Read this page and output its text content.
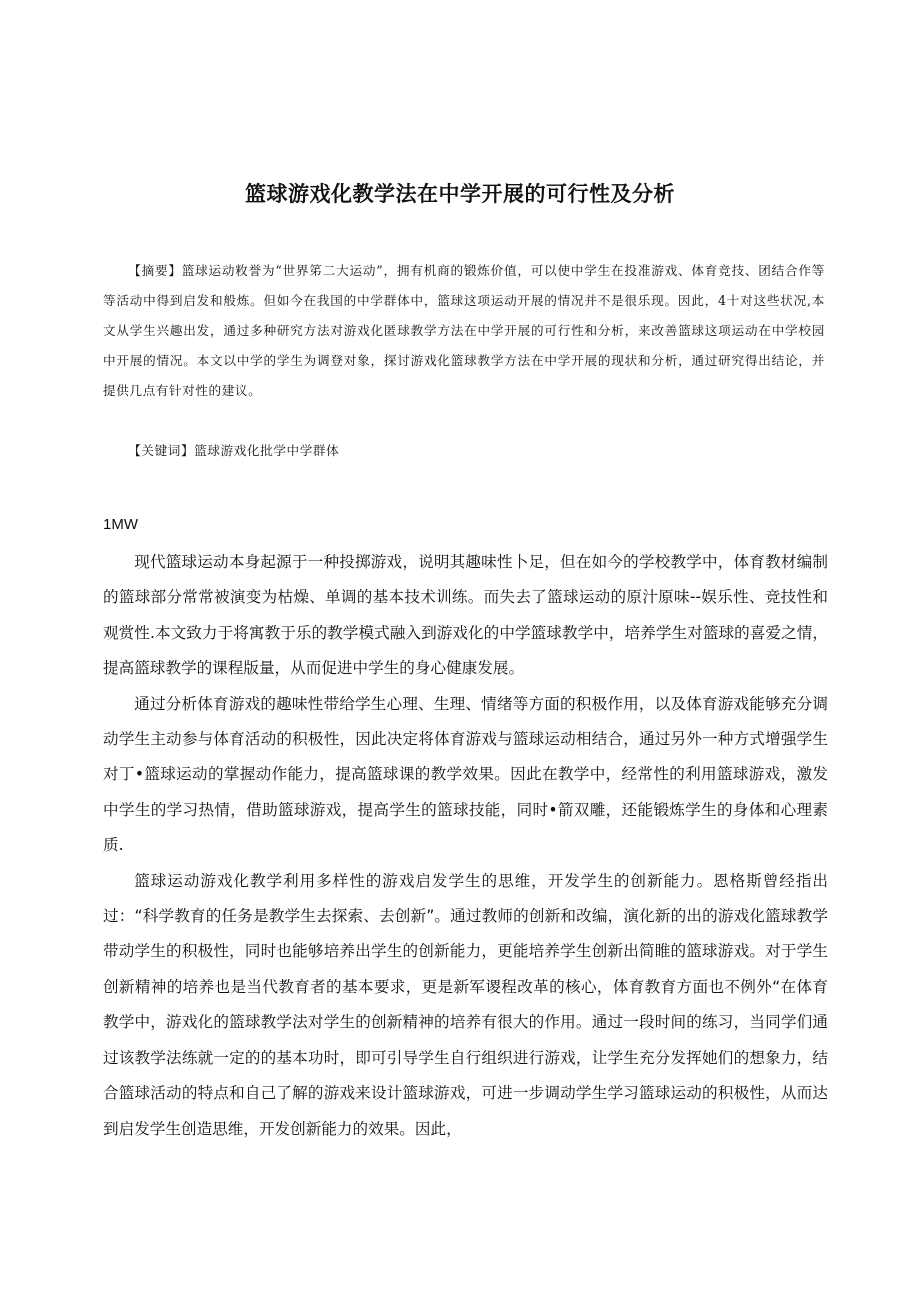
篮球游戏化教学法在中学开展的可行性及分析

【摘要】篮球运动敉誉为“世界笫二大运动”，拥有机商的锻炼价值，可以使中学生在投准游戏、体育竞技、团结合作等等活动中得到启发和般炼。但如今在我国的中学群体中，篮球这项运动开展的情况并不是很乐现。因此，4十对这些状况,本文从学生兴趣出发，通过多种研究方法对游戏化匿球教学方法在中学开展的可行性和分析，来改善篮球这项运动在中学校园中开展的情况。本文以中学的学生为调登对象，探讨游戏化篮球教学方法在中学开展的现状和分析，通过研究得出结论，并提供几点有针对性的建议。

【关键词】篮球游戏化批学中学群体

1MW

现代篮球运动本身起源于一种投掷游戏，说明其趣味性卜足，但在如今的学校教学中，体育教材编制的篮球部分常常被演变为枯燥、单调的基本技术训练。而失去了篮球运动的原汁原味--娱乐性、竞技性和观赏性.本文致力于将寓教于乐的教学模式融入到游戏化的中学篮球教学中，培养学生对篮球的喜爱之情，提高篮球教学的课程版量，从而促进中学生的身心健康发展。

通过分析体育游戏的趣味性带给学生心理、生理、情绪等方面的积极作用，以及体育游戏能够充分调动学生主动参与体育活动的积极性，因此决定将体育游戏与篮球运动相结合，通过另外一种方式增强学生对丁•篮球运动的掌握动作能力，提高篮球课的教学效果。因此在教学中，经常性的利用篮球游戏，激发中学生的学习热情，借助篮球游戏，提高学生的篮球技能，同时•箭双雕，还能锻炼学生的身体和心理素质.

篮球运动游戏化教学利用多样性的游戏启发学生的思维，开发学生的创新能力。恩格斯曾经指出过：“科学教育的任务是教学生去探索、去创新”。通过教师的创新和改编，演化新的出的游戏化篮球教学带动学生的积极性，同时也能够培养出学生的创新能力，更能培养学生创新出简睢的篮球游戏。对于学生创新精神的培养也是当代教育者的基本要求，更是新军谡程改革的核心，体育教育方面也不例外“在体育教学中，游戏化的篮球教学法对学生的创新精神的培养有很大的作用。通过一段时间的练习，当同学们通过该教学法练就一定的的基本功时，即可引导学生自行组织进行游戏，让学生充分发挥她们的想象力，结合篮球活动的特点和自己了解的游戏来设计篮球游戏，可进一步调动学生学习篮球运动的积极性，从而达到启发学生创造思维，开发创新能力的效果。因此，
